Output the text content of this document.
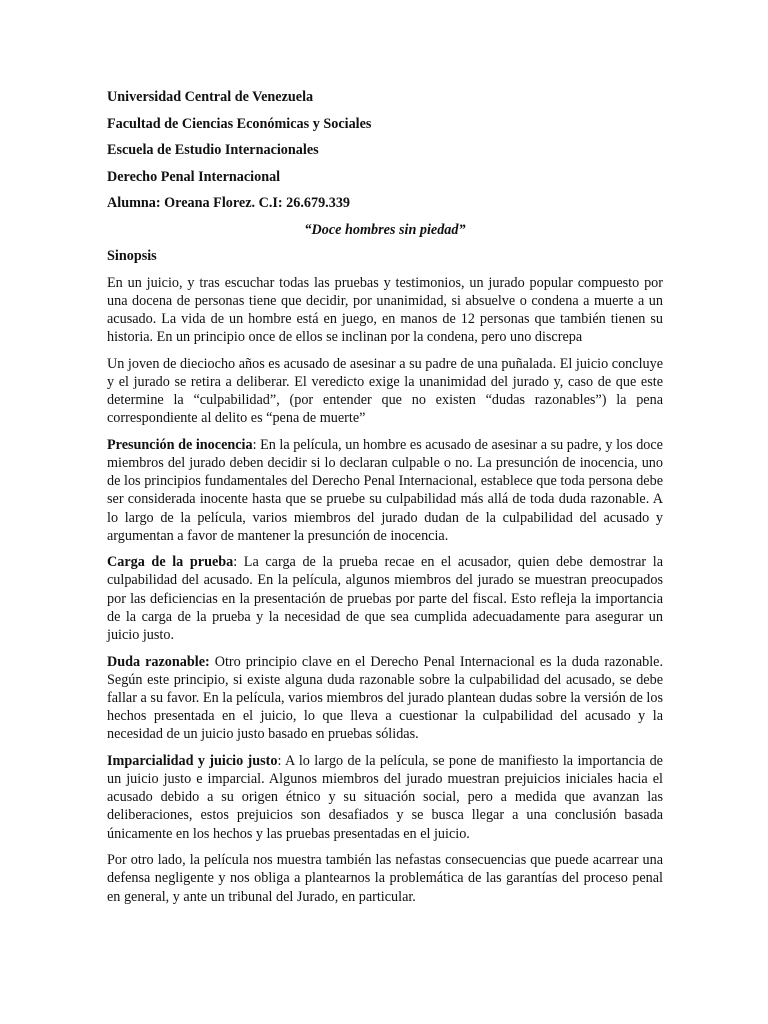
Universidad Central de Venezuela
Facultad de Ciencias Económicas y Sociales
Escuela de Estudio Internacionales
Derecho Penal Internacional
Alumna: Oreana Florez. C.I: 26.679.339
“Doce hombres sin piedad”
Sinopsis

En un juicio, y tras escuchar todas las pruebas y testimonios, un jurado popular compuesto por una docena de personas tiene que decidir, por unanimidad, si absuelve o condena a muerte a un acusado. La vida de un hombre está en juego, en manos de 12 personas que también tienen su historia. En un principio once de ellos se inclinan por la condena, pero uno discrepa

Un joven de dieciocho años es acusado de asesinar a su padre de una puñalada. El juicio concluye y el jurado se retira a deliberar. El veredicto exige la unanimidad del jurado y, caso de que este determine la “culpabilidad”, (por entender que no existen “dudas razonables”) la pena correspondiente al delito es “pena de muerte”

Presunción de inocencia: En la película, un hombre es acusado de asesinar a su padre, y los doce miembros del jurado deben decidir si lo declaran culpable o no. La presunción de inocencia, uno de los principios fundamentales del Derecho Penal Internacional, establece que toda persona debe ser considerada inocente hasta que se pruebe su culpabilidad más allá de toda duda razonable. A lo largo de la película, varios miembros del jurado dudan de la culpabilidad del acusado y argumentan a favor de mantener la presunción de inocencia.

Carga de la prueba: La carga de la prueba recae en el acusador, quien debe demostrar la culpabilidad del acusado. En la película, algunos miembros del jurado se muestran preocupados por las deficiencias en la presentación de pruebas por parte del fiscal. Esto refleja la importancia de la carga de la prueba y la necesidad de que sea cumplida adecuadamente para asegurar un juicio justo.

Duda razonable: Otro principio clave en el Derecho Penal Internacional es la duda razonable. Según este principio, si existe alguna duda razonable sobre la culpabilidad del acusado, se debe fallar a su favor. En la película, varios miembros del jurado plantean dudas sobre la versión de los hechos presentada en el juicio, lo que lleva a cuestionar la culpabilidad del acusado y la necesidad de un juicio justo basado en pruebas sólidas.

Imparcialidad y juicio justo: A lo largo de la película, se pone de manifiesto la importancia de un juicio justo e imparcial. Algunos miembros del jurado muestran prejuicios iniciales hacia el acusado debido a su origen étnico y su situación social, pero a medida que avanzan las deliberaciones, estos prejuicios son desafiados y se busca llegar a una conclusión basada únicamente en los hechos y las pruebas presentadas en el juicio.

Por otro lado, la película nos muestra también las nefastas consecuencias que puede acarrear una defensa negligente y nos obliga a plantearnos la problemática de las garantías del proceso penal en general, y ante un tribunal del Jurado, en particular.
